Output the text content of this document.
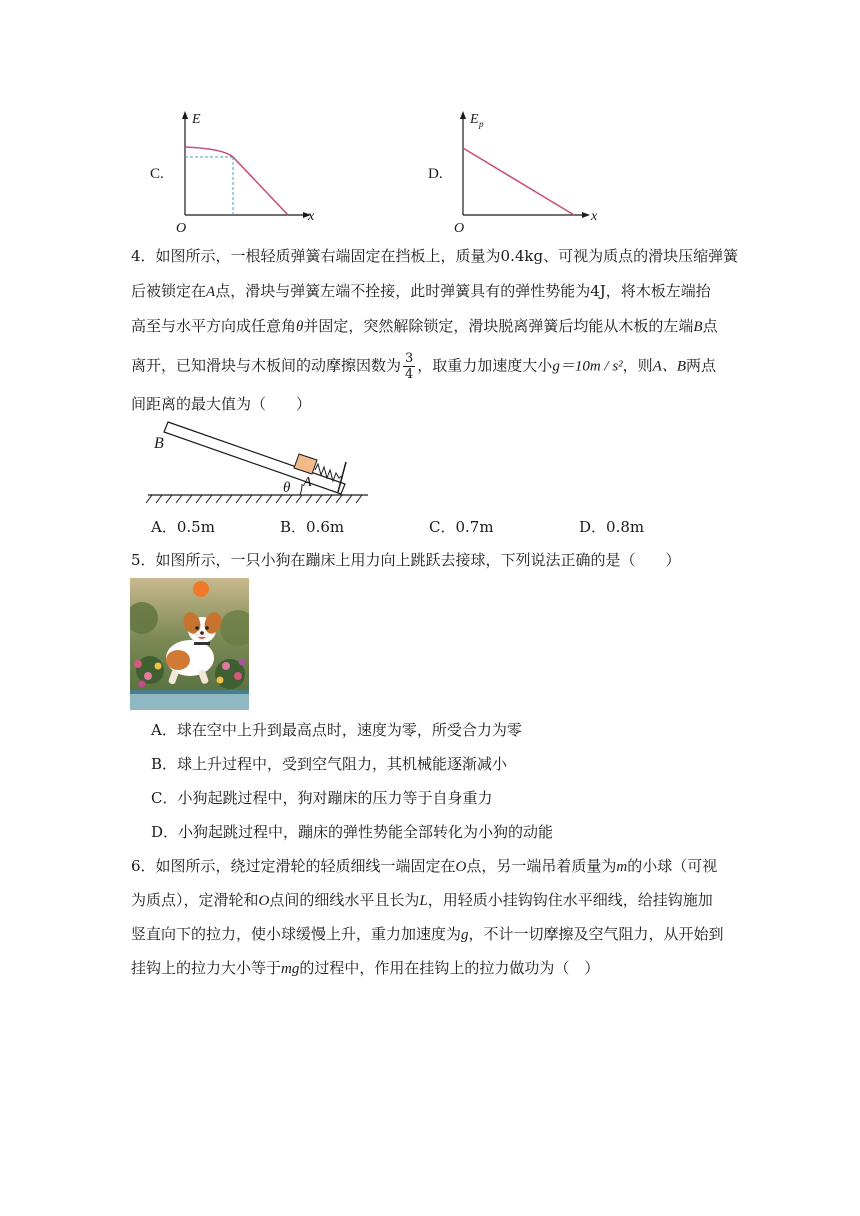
C.
E
x
O
D.
E p
x
O
4．如图所示，一根轻质弹簧右端固定在挡板上，质量为0.4kg、可视为质点的滑块压缩弹簧
后被锁定在A点，滑块与弹簧左端不拴接，此时弹簧具有的弹性势能为4J，将木板左端抬
高至与水平方向成任意角θ并固定，突然解除锁定，滑块脱离弹簧后均能从木板的左端B点
离开，已知滑块与木板间的动摩擦因数为 $\frac{3}{4}$ ，取重力加速度大小g＝10m / s²，则A、B两点
间距离的最大值为（　　）
B
A
θ
A．0.5m	B．0.6m	C．0.7m	D．0.8m
5．如图所示，一只小狗在蹦床上用力向上跳跃去接球，下列说法正确的是（　　）
A．球在空中上升到最高点时，速度为零，所受合力为零
B．球上升过程中，受到空气阻力，其机械能逐渐减小
C．小狗起跳过程中，狗对蹦床的压力等于自身重力
D．小狗起跳过程中，蹦床的弹性势能全部转化为小狗的动能
6．如图所示，绕过定滑轮的轻质细线一端固定在O点，另一端吊着质量为m的小球（可视
为质点），定滑轮和O点间的细线水平且长为L，用轻质小挂钩钩住水平细线，给挂钩施加
竖直向下的拉力，使小球缓慢上升，重力加速度为g，不计一切摩擦及空气阻力，从开始到
挂钩上的拉力大小等于mg的过程中，作用在挂钩上的拉力做功为（　）
